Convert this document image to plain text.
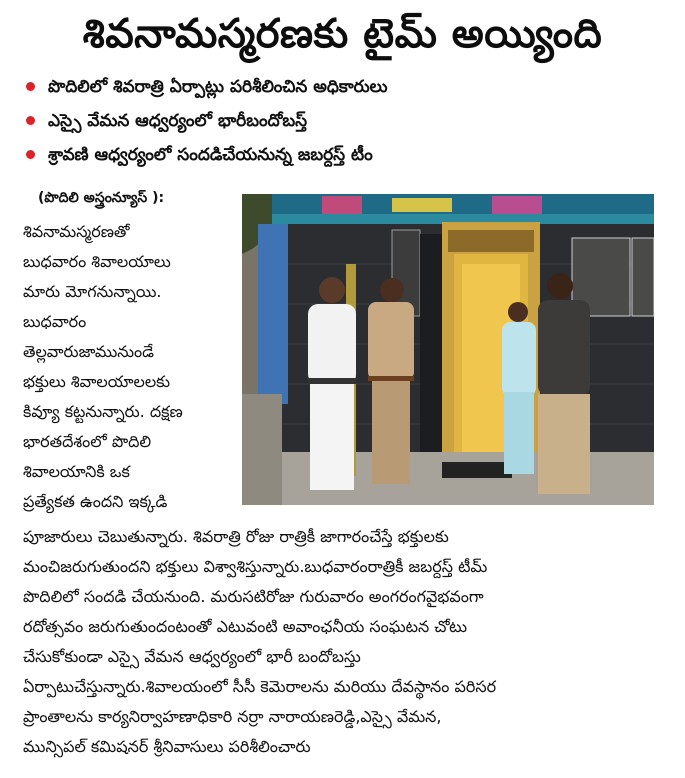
శివనామస్మరణకు టైమ్ అయ్యింది
పొదిలిలో శివరాత్రి ఏర్పాట్లు పరిశీలించిన అధికారులు
ఎస్సై వేమన ఆధ్వర్యంలో భారీబందోబస్త్
శ్రావణి ఆధ్వర్యంలో సందడిచేయనున్న జబర్దస్త్ టీం
(పొదిలి అస్త్రంన్యూస్ ):
శివనామస్మరణతో
బుధవారం శివాలయాలు
మారు మోగనున్నాయి.
బుధవారం
తెల్లవారుజామునుండే
భక్తులు శివాలయాలలకు
కివ్యూ కట్టనున్నారు. దక్షణ
భారతదేశంలో పొదిలి
శివాలయానికి ఒక
ప్రత్యేకత ఉందని ఇక్కడి
పూజారులు చెబుతున్నారు. శివరాత్రి రోజు రాత్రికీ జాగారంచేస్తే భక్తులకు
మంచిజరుగుతుందని భక్తులు విశ్వాశిస్తున్నారు.బుధవారంరాత్రికీ జబర్దస్త్ టీమ్
పొదిలిలో సందడి చేయనుంది. మరుసటిరోజు గురువారం అంగరంగవైభవంగా
రదోత్సవం జరుగుతుందంటంతో ఎటువంటి అవాంఛనీయ సంఘటన చోటు
చేసుకోకుండా ఎస్సై వేమన ఆధ్వర్యంలో భారీ బందోబస్తు
ఏర్పాటుచేస్తున్నారు.శివాలయంలో సీసీ కెమెరాలను మరియు దేవస్థానం పరిసర
ప్రాంతాలను కార్యనిర్వాహణాధికారి నర్రా నారాయణరెడ్డి,ఎస్సై వేమన,
మున్సిపల్ కమిషనర్ శ్రీనివాసులు పరిశీలించారు
